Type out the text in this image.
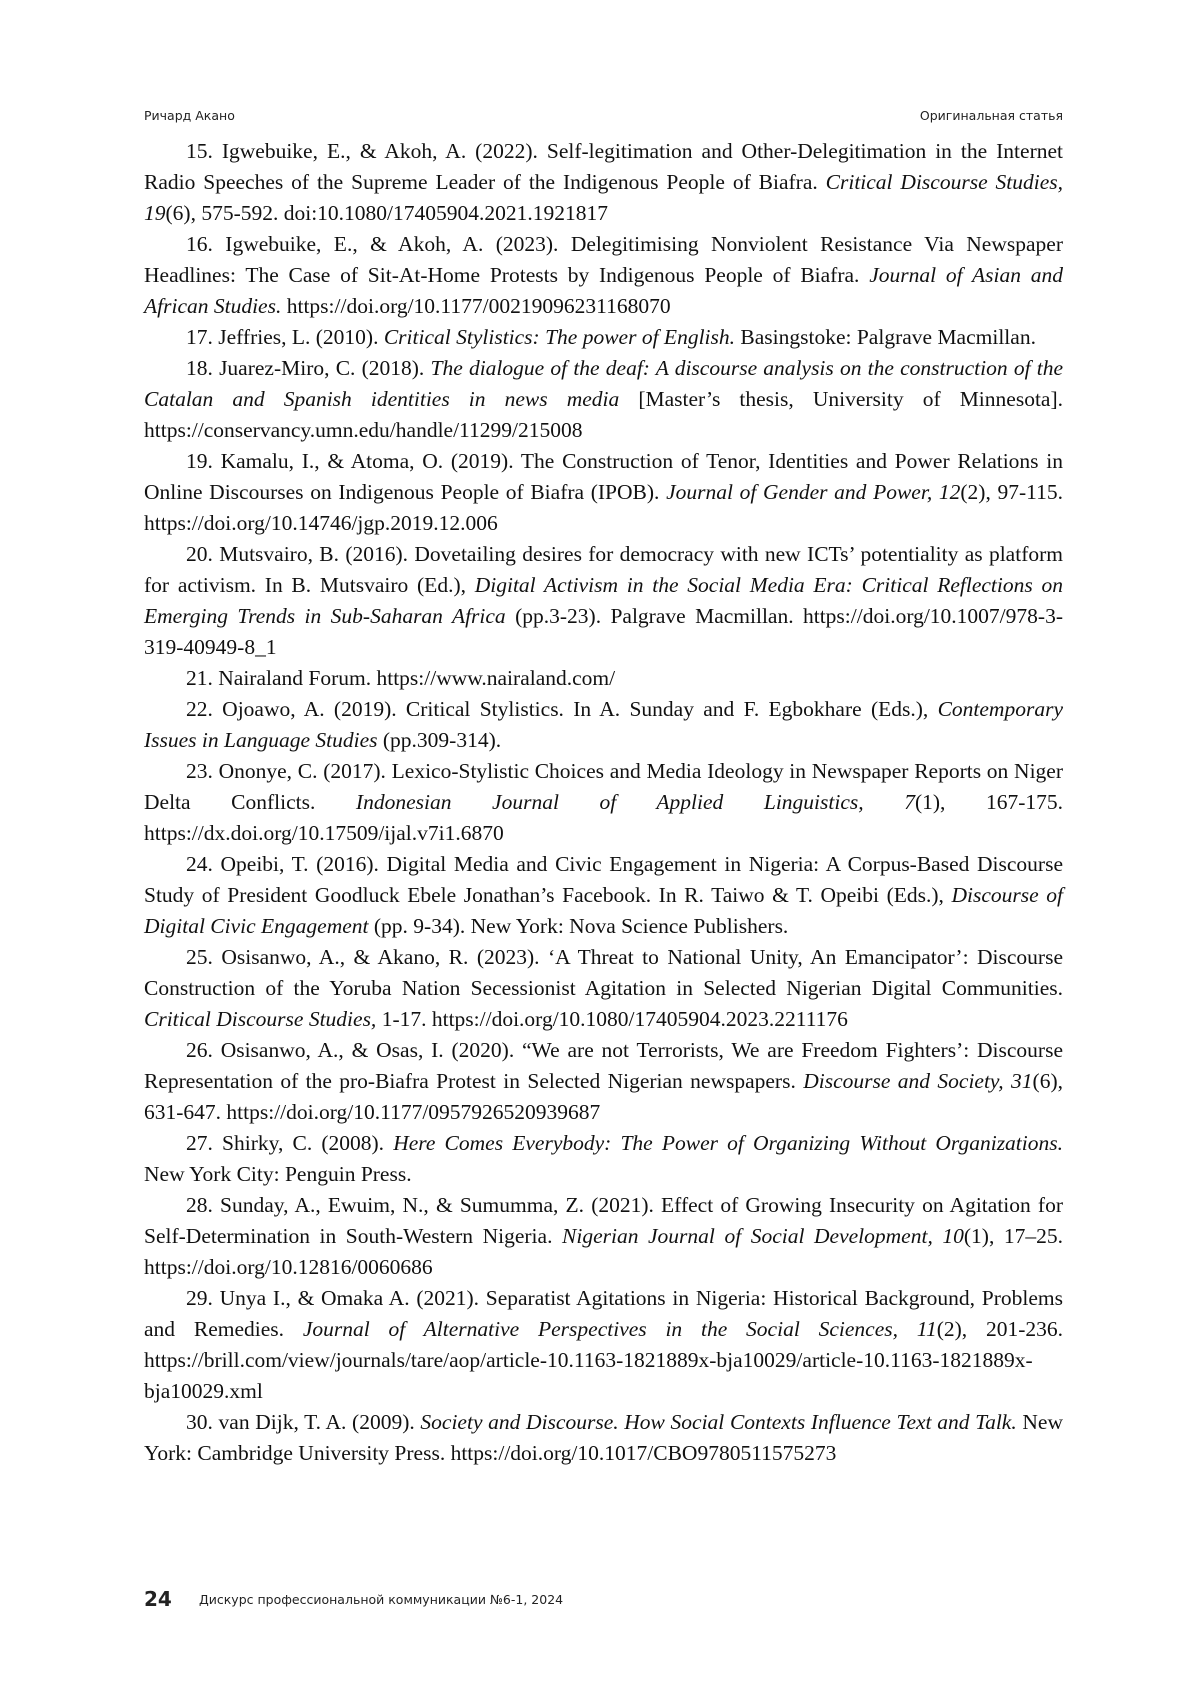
Ричард Акано	Оригинальная статья

15. Igwebuike, E., & Akoh, A. (2022). Self-legitimation and Other-Delegitimation in the Internet Radio Speeches of the Supreme Leader of the Indigenous People of Biafra. Critical Discourse Studies, 19(6), 575-592. doi:10.1080/17405904.2021.1921817

16. Igwebuike, E., & Akoh, A. (2023). Delegitimising Nonviolent Resistance Via Newspaper Headlines: The Case of Sit-At-Home Protests by Indigenous People of Biafra. Journal of Asian and African Studies. https://doi.org/10.1177/00219096231168070

17. Jeffries, L. (2010). Critical Stylistics: The power of English. Basingstoke: Palgrave Macmillan.

18. Juarez-Miro, C. (2018). The dialogue of the deaf: A discourse analysis on the construction of the Catalan and Spanish identities in news media [Master’s thesis, University of Minnesota]. https://conservancy.umn.edu/handle/11299/215008

19. Kamalu, I., & Atoma, O. (2019). The Construction of Tenor, Identities and Power Relations in Online Discourses on Indigenous People of Biafra (IPOB). Journal of Gender and Power, 12(2), 97-115. https://doi.org/10.14746/jgp.2019.12.006

20. Mutsvairo, B. (2016). Dovetailing desires for democracy with new ICTs’ potentiality as platform for activism. In B. Mutsvairo (Ed.), Digital Activism in the Social Media Era: Critical Reflections on Emerging Trends in Sub-Saharan Africa (pp.3-23). Palgrave Macmillan. https://doi.org/10.1007/978-3-319-40949-8_1

21. Nairaland Forum. https://www.nairaland.com/

22. Ojoawo, A. (2019). Critical Stylistics. In A. Sunday and F. Egbokhare (Eds.), Contemporary Issues in Language Studies (pp.309-314).

23. Ononye, C. (2017). Lexico-Stylistic Choices and Media Ideology in Newspaper Reports on Niger Delta Conflicts. Indonesian Journal of Applied Linguistics, 7(1), 167-175. https://dx.doi.org/10.17509/ijal.v7i1.6870

24. Opeibi, T. (2016). Digital Media and Civic Engagement in Nigeria: A Corpus-Based Discourse Study of President Goodluck Ebele Jonathan’s Facebook. In R. Taiwo & T. Opeibi (Eds.), Discourse of Digital Civic Engagement (pp. 9-34). New York: Nova Science Publishers.

25. Osisanwo, A., & Akano, R. (2023). ‘A Threat to National Unity, An Emancipator’: Discourse Construction of the Yoruba Nation Secessionist Agitation in Selected Nigerian Digital Communities. Critical Discourse Studies, 1-17. https://doi.org/10.1080/17405904.2023.2211176

26. Osisanwo, A., & Osas, I. (2020). “We are not Terrorists, We are Freedom Fighters’: Discourse Representation of the pro-Biafra Protest in Selected Nigerian newspapers. Discourse and Society, 31(6), 631-647. https://doi.org/10.1177/0957926520939687

27. Shirky, C. (2008). Here Comes Everybody: The Power of Organizing Without Organizations. New York City: Penguin Press.

28. Sunday, A., Ewuim, N., & Sumumma, Z. (2021). Effect of Growing Insecurity on Agitation for Self-Determination in South-Western Nigeria. Nigerian Journal of Social Development, 10(1), 17–25. https://doi.org/10.12816/0060686

29. Unya I., & Omaka A. (2021). Separatist Agitations in Nigeria: Historical Background, Problems and Remedies. Journal of Alternative Perspectives in the Social Sciences, 11(2), 201-236. https://brill.com/view/journals/tare/aop/article-10.1163-1821889x-bja10029/article-10.1163-1821889x-bja10029.xml

30. van Dijk, T. A. (2009). Society and Discourse. How Social Contexts Influence Text and Talk. New York: Cambridge University Press. https://doi.org/10.1017/CBO9780511575273

24 Дискурс профессиональной коммуникации №6-1, 2024
